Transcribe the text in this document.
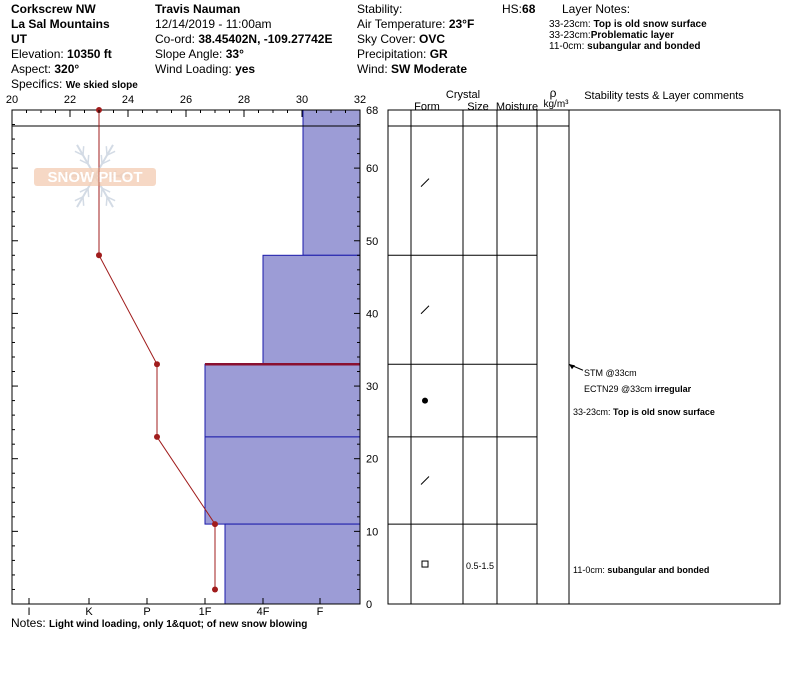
Corkscrew NW
La Sal Mountains
UT
Elevation: 10350 ft
Aspect: 320°
Specifics: We skied slope
Travis Nauman
12/14/2019 - 11:00am
Co-ord: 38.45402N, -109.27742E
Slope Angle: 33°
Wind Loading: yes
Stability:
Air Temperature: 23°F
Sky Cover: OVC
Precipitation: GR
Wind: SW Moderate
HS:68 Layer Notes:
33-23cm: Top is old snow surface
33-23cm:Problematic layer
11-0cm: subangular and bonded
20	22	24	26	28	30	32
0
10
20
30
40
50
60
68
I	K	P	1F	4F	F
Crystal
Form Size Moisture
ρ
kg/m³
Stability tests & Layer comments
0.5-1.5
STM @33cm
ECTN29 @33cm irregular
33-23cm: Top is old snow surface
11-0cm: subangular and bonded
SNOW PILOT
Notes: Light wind loading, only 1&quot; of new snow blowing
